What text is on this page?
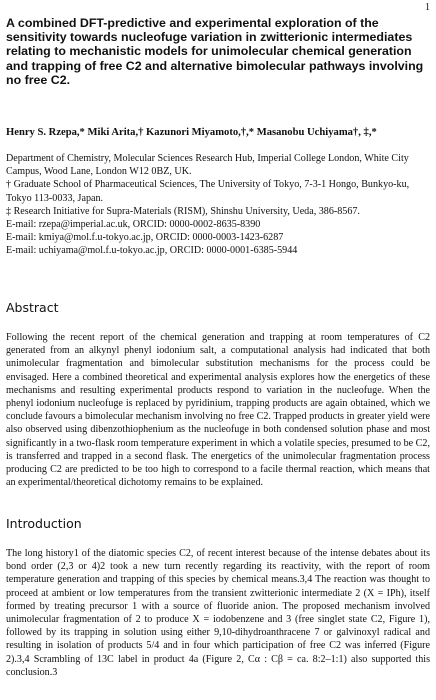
1
A combined DFT-predictive and experimental exploration of the sensitivity towards nucleofuge variation in zwitterionic intermediates relating to mechanistic models for unimolecular chemical generation and trapping of free C2 and alternative bimolecular pathways involving no free C2.
Henry S. Rzepa,* Miki Arita,† Kazunori Miyamoto,†,* Masanobu Uchiyama†, ‡,*
Department of Chemistry, Molecular Sciences Research Hub, Imperial College London, White City Campus, Wood Lane, London W12 0BZ, UK.
† Graduate School of Pharmaceutical Sciences, The University of Tokyo, 7-3-1 Hongo, Bunkyo-ku, Tokyo 113-0033, Japan.
‡ Research Initiative for Supra-Materials (RISM), Shinshu University, Ueda, 386-8567.
E-mail: rzepa@imperial.ac.uk, ORCID: 0000-0002-8635-8390
E-mail: kmiya@mol.f.u-tokyo.ac.jp, ORCID: 0000-0003-1423-6287
E-mail: uchiyama@mol.f.u-tokyo.ac.jp, ORCID: 0000-0001-6385-5944
Abstract

Following the recent report of the chemical generation and trapping at room temperatures of C2 generated from an alkynyl phenyl iodonium salt, a computational analysis had indicated that both unimolecular fragmentation and bimolecular substitution mechanisms for the process could be envisaged. Here a combined theoretical and experimental analysis explores how the energetics of these mechanisms and resulting experimental products respond to variation in the nucleofuge. When the phenyl iodonium nucleofuge is replaced by pyridinium, trapping products are again obtained, which we conclude favours a bimolecular mechanism involving no free C2. Trapped products in greater yield were also observed using dibenzothiophenium as the nucleofuge in both condensed solution phase and most significantly in a two-flask room temperature experiment in which a volatile species, presumed to be C2, is transferred and trapped in a second flask. The energetics of the unimolecular fragmentation process producing C2 are predicted to be too high to correspond to a facile thermal reaction, which means that an experimental/theoretical dichotomy remains to be explained.

Introduction

The long history1 of the diatomic species C2, of recent interest because of the intense debates about its bond order (2,3 or 4)2 took a new turn recently regarding its reactivity, with the report of room temperature generation and trapping of this species by chemical means.3,4 The reaction was thought to proceed at ambient or low temperatures from the transient zwitterionic intermediate 2 (X = IPh), itself formed by treating precursor 1 with a source of fluoride anion. The proposed mechanism involved unimolecular fragmentation of 2 to produce X = iodobenzene and 3 (free singlet state C2, Figure 1), followed by its trapping in solution using either 9,10-dihydroanthracene 7 or galvinoxyl radical and resulting in isolation of products 5/4 and in four which participation of free C2 was inferred (Figure 2).3,4 Scrambling of 13C label in product 4a (Figure 2, Cα : Cβ = ca. 8:2–1:1) also supported this conclusion.3
